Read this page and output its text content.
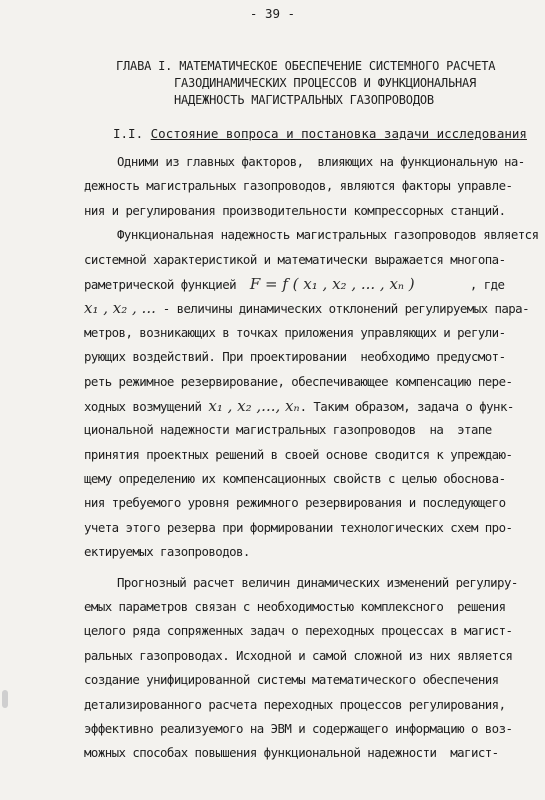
- 39 -
ГЛАВА I. МАТЕМАТИЧЕСКОЕ ОБЕСПЕЧЕНИЕ СИСТЕМНОГО РАСЧЕТА
ГАЗОДИНАМИЧЕСКИХ ПРОЦЕССОВ И ФУНКЦИОНАЛЬНАЯ
НАДЕЖНОСТЬ МАГИСТРАЛЬНЫХ ГАЗОПРОВОДОВ
I.I. Состояние вопроса и постановка задачи исследования
Одними из главных факторов,  влияющих на функциональную на-
дежность магистральных газопроводов, являются факторы управле-
ния и регулирования производительности компрессорных станций.
Функциональная надежность магистральных газопроводов является
системной характеристикой и математически выражается многопа-
раметрической функцией  F = f ( x₁ , x₂ , ... , xₙ )        , где
x₁ , x₂ , ... - величины динамических отклонений регулируемых пара-
метров, возникающих в точках приложения управляющих и регули-
рующих воздействий. При проектировании  необходимо предусмот-
реть режимное резервирование, обеспечивающее компенсацию пере-
ходных возмущений x₁ , x₂ ,..., xₙ. Таким образом, задача о функ-
циональной надежности магистральных газопроводов  на  этапе
принятия проектных решений в своей основе сводится к упреждаю-
щему определению их компенсационных свойств с целью обоснова-
ния требуемого уровня режимного резервирования и последующего
учета этого резерва при формировании технологических схем про-
ектируемых газопроводов.
Прогнозный расчет величин динамических изменений регулиру-
емых параметров связан с необходимостью комплексного  решения
целого ряда сопряженных задач о переходных процессах в магист-
ральных газопроводах. Исходной и самой сложной из них является
создание унифицированной системы математического обеспечения
детализированного расчета переходных процессов регулирования,
эффективно реализуемого на ЭВМ и содержащего информацию о воз-
можных способах повышения функциональной надежности  магист-
